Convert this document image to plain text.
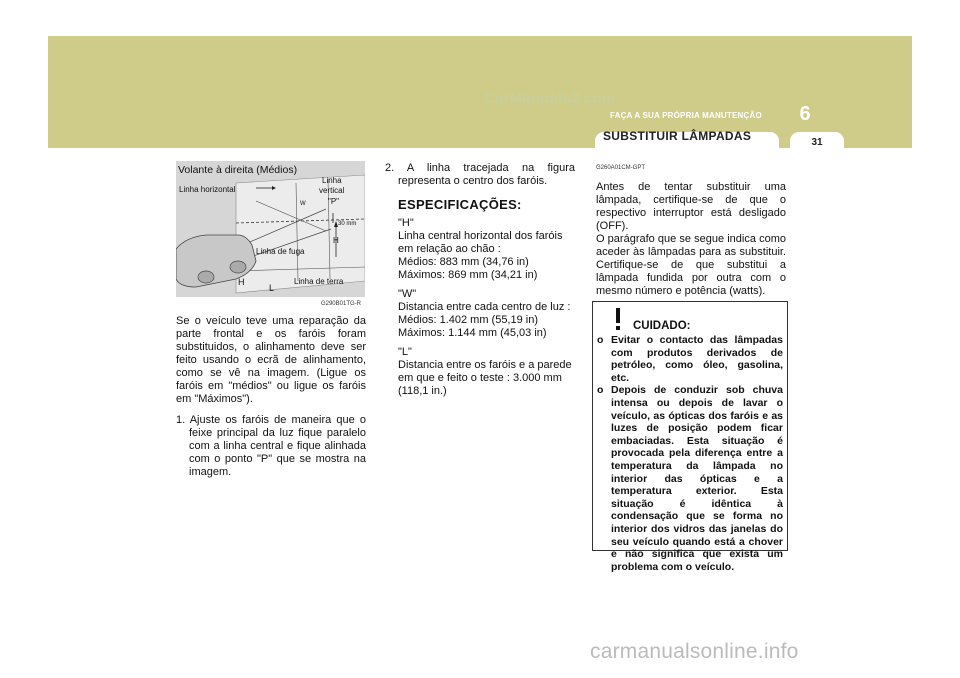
CarManuals2.com
FAÇA A SUA PRÓPRIA MANUTENÇÃO 6
SUBSTITUIR LÂMPADAS	31
Volante à direita (Médios)
Linha horizontal
Linha
vertical
"P"
W
30 mm
H
Linha de fuga
H
L
Linha de terra
G290B01TG-R

Se o veículo teve uma reparação da parte frontal e os faróis foram substituidos, o alinhamento deve ser feito usando o ecrã de alinhamento, como se vê na imagem. (Ligue os faróis em "médios" ou ligue os faróis em "Máximos").

1. Ajuste os faróis de maneira que o feixe principal da luz fique paralelo com a linha central e fique alinhada com o ponto "P" que se mostra na imagem.

2. A linha tracejada na figura representa o centro dos faróis.

ESPECIFICAÇÕES:
"H"
Linha central horizontal dos faróis em relação ao chão :
Médios: 883 mm (34,76 in)
Máximos: 869 mm (34,21 in)
"W"
Distancia entre cada centro de luz :
Médios: 1.402 mm (55,19 in)
Máximos: 1.144 mm (45,03 in)
"L"
Distancia entre os faróis e a parede em que e feito o teste : 3.000 mm (118,1 in.)
G260A01CM-GPT

Antes de tentar substituir uma lâmpada, certifique-se de que o respectivo interruptor está desligado (OFF).

O parágrafo que se segue indica como aceder às lâmpadas para as substituir. Certifique-se de que substitui a lâmpada fundida por outra com o mesmo número e potência (watts).

CUIDADO:
o Evitar o contacto das lâmpadas com produtos derivados de petróleo, como óleo, gasolina, etc.
o Depois de conduzir sob chuva intensa ou depois de lavar o veículo, as ópticas dos faróis e as luzes de posição podem ficar embaciadas. Esta situação é provocada pela diferença entre a temperatura da lâmpada no interior das ópticas e a temperatura exterior. Esta situação é idêntica à condensação que se forma no interior dos vidros das janelas do seu veículo quando está a chover e não significa que exista um problema com o veículo.
carmanualsonline.info
